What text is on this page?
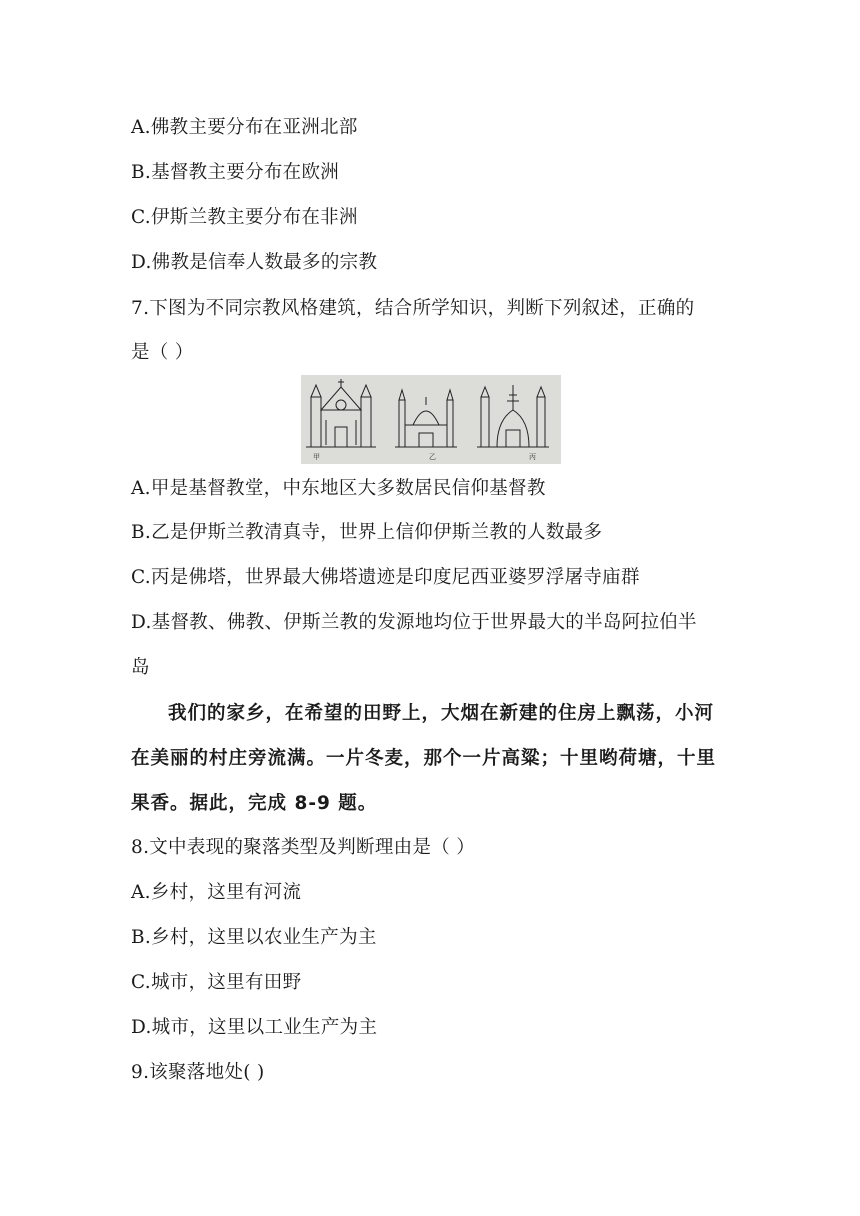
A.佛教主要分布在亚洲北部
B.基督教主要分布在欧洲
C.伊斯兰教主要分布在非洲
D.佛教是信奉人数最多的宗教
7.下图为不同宗教风格建筑，结合所学知识，判断下列叙述，正确的
是（ ）
甲	乙	丙
A.甲是基督教堂，中东地区大多数居民信仰基督教
B.乙是伊斯兰教清真寺，世界上信仰伊斯兰教的人数最多
C.丙是佛塔，世界最大佛塔遗迹是印度尼西亚婆罗浮屠寺庙群
D.基督教、佛教、伊斯兰教的发源地均位于世界最大的半岛阿拉伯半
岛
我们的家乡，在希望的田野上，大烟在新建的住房上飘荡，小河
在美丽的村庄旁流满。一片冬麦，那个一片高粱；十里哟荷塘，十里
果香。据此，完成 8-9 题。
8.文中表现的聚落类型及判断理由是（ ）
A.乡村，这里有河流
B.乡村，这里以农业生产为主
C.城市，这里有田野
D.城市，这里以工业生产为主
9.该聚落地处( )
